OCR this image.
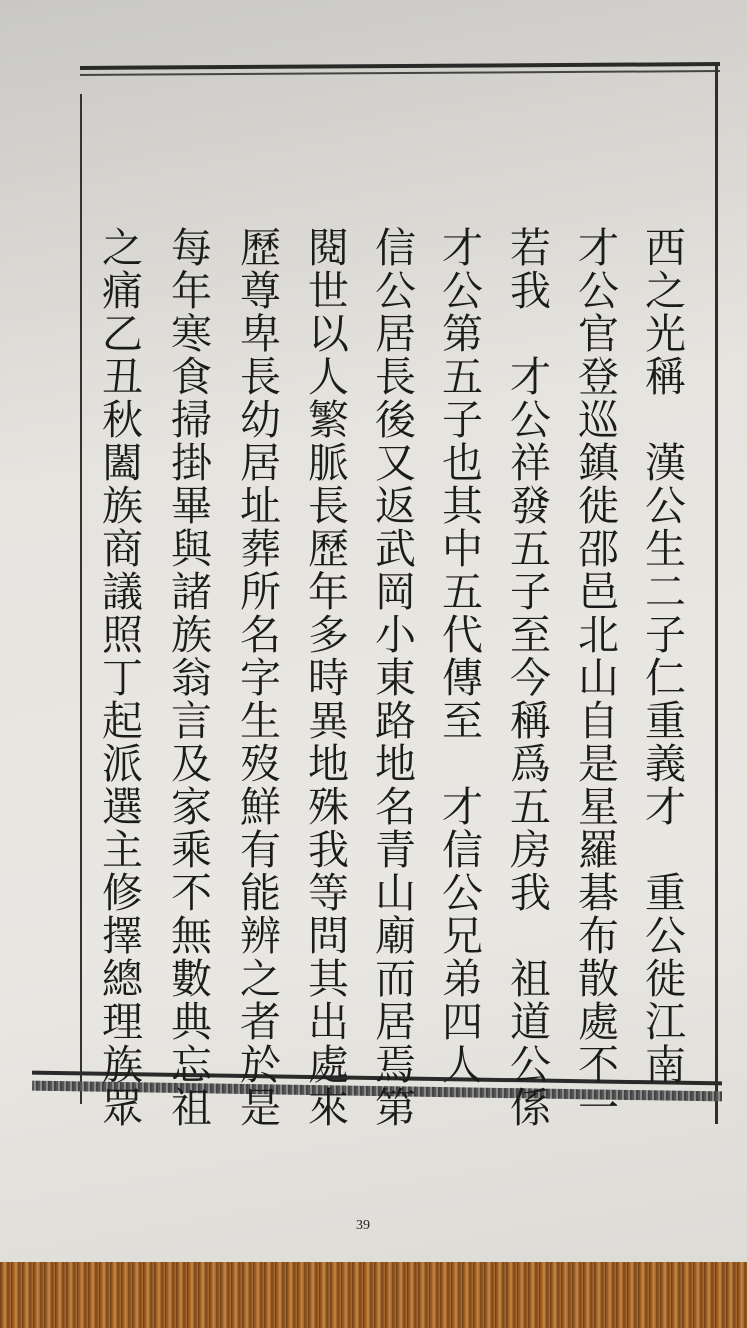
西之光稱　漢公生二子仁重義才　重公徙江南
才公官登巡鎮徙邵邑北山自是星羅碁布散處不一
若我　才公祥發五子至今稱爲五房我　祖道公係
才公第五子也其中五代傳至　才信公兄弟四人
信公居長後又返武岡小東路地名青山廟而居焉第
閱世以人繁脈長歷年多時異地殊我等問其出處來
歷尊卑長幼居址葬所名字生歿鮮有能辨之者於是
每年寒食掃掛畢與諸族翁言及家乘不無數典忘祖
之痛乙丑秋闔族商議照丁起派選主修擇總理族眾
39
